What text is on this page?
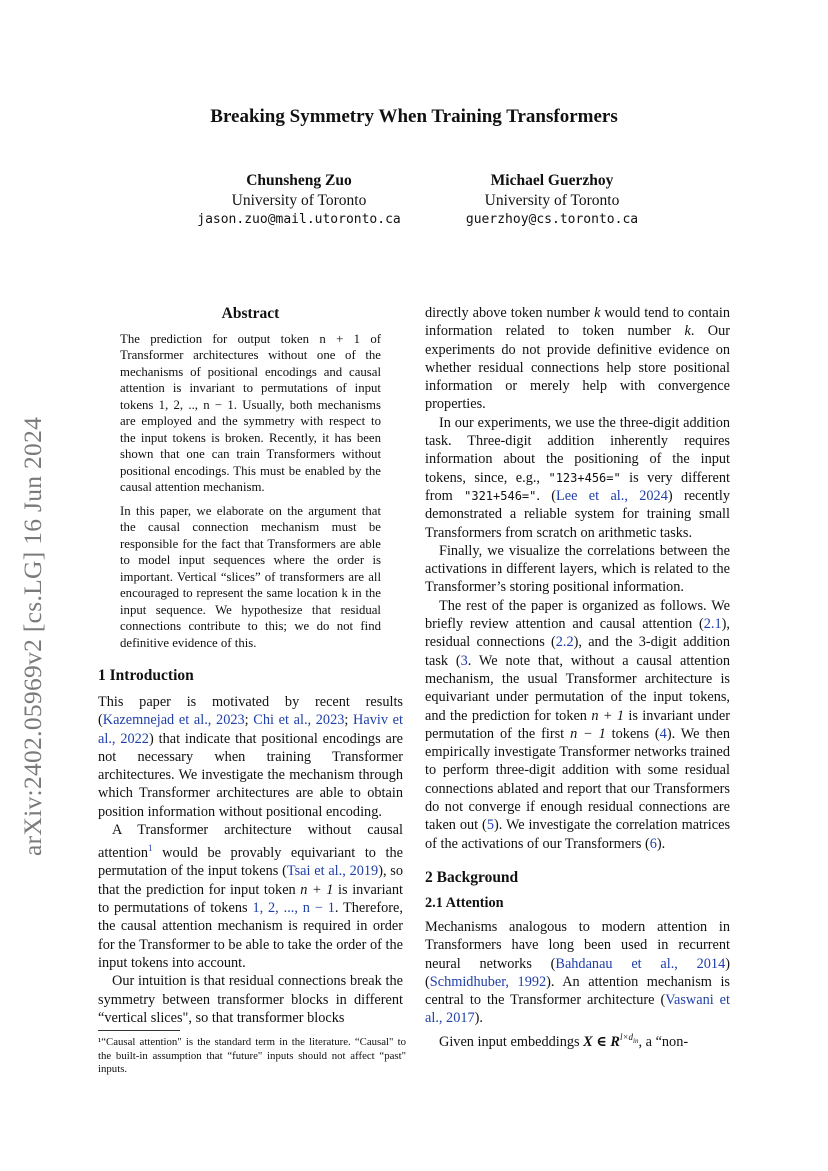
arXiv:2402.05969v2 [cs.LG] 16 Jun 2024
Breaking Symmetry When Training Transformers
Chunsheng Zuo
University of Toronto
jason.zuo@mail.utoronto.ca
Michael Guerzhoy
University of Toronto
guerzhoy@cs.toronto.ca
Abstract

The prediction for output token n + 1 of Transformer architectures without one of the mechanisms of positional encodings and causal attention is invariant to permutations of input tokens 1, 2, .., n − 1. Usually, both mechanisms are employed and the symmetry with respect to the input tokens is broken. Recently, it has been shown that one can train Transformers without positional encodings. This must be enabled by the causal attention mechanism.

In this paper, we elaborate on the argument that the causal connection mechanism must be responsible for the fact that Transformers are able to model input sequences where the order is important. Vertical “slices” of transformers are all encouraged to represent the same location k in the input sequence. We hypothesize that residual connections contribute to this; we do not find definitive evidence of this.

1 Introduction

This paper is motivated by recent results (Kazemnejad et al., 2023; Chi et al., 2023; Haviv et al., 2022) that indicate that positional encodings are not necessary when training Transformer architectures. We investigate the mechanism through which Transformer architectures are able to obtain position information without positional encoding.

A Transformer architecture without causal attention$^1$ would be provably equivariant to the permutation of the input tokens (Tsai et al., 2019), so that the prediction for input token n + 1 is invariant to permutations of tokens 1, 2, ..., n − 1. Therefore, the causal attention mechanism is required in order for the Transformer to be able to take the order of the input tokens into account.

Our intuition is that residual connections break the symmetry between transformer blocks in different “vertical slices", so that transformer blocks

¹“Causal attention" is the standard term in the literature. “Causal" to the built-in assumption that “future" inputs should not affect “past" inputs.

directly above token number k would tend to contain information related to token number k. Our experiments do not provide definitive evidence on whether residual connections help store positional information or merely help with convergence properties.

In our experiments, we use the three-digit addition task. Three-digit addition inherently requires information about the positioning of the input tokens, since, e.g., "123+456=" is very different from "321+546=". (Lee et al., 2024) recently demonstrated a reliable system for training small Transformers from scratch on arithmetic tasks.

Finally, we visualize the correlations between the activations in different layers, which is related to the Transformer’s storing positional information.

The rest of the paper is organized as follows. We briefly review attention and causal attention (2.1), residual connections (2.2), and the 3-digit addition task (3. We note that, without a causal attention mechanism, the usual Transformer architecture is equivariant under permutation of the input tokens, and the prediction for token n + 1 is invariant under permutation of the first n − 1 tokens (4). We then empirically investigate Transformer networks trained to perform three-digit addition with some residual connections ablated and report that our Transformers do not converge if enough residual connections are taken out (5). We investigate the correlation matrices of the activations of our Transformers (6).

2 Background
2.1 Attention

Mechanisms analogous to modern attention in Transformers have long been used in recurrent neural networks (Bahdanau et al., 2014) (Schmidhuber, 1992). An attention mechanism is central to the Transformer architecture (Vaswani et al., 2017).

Given input embeddings X ∈ $R^{l\times d_{in}}$, a “non-
